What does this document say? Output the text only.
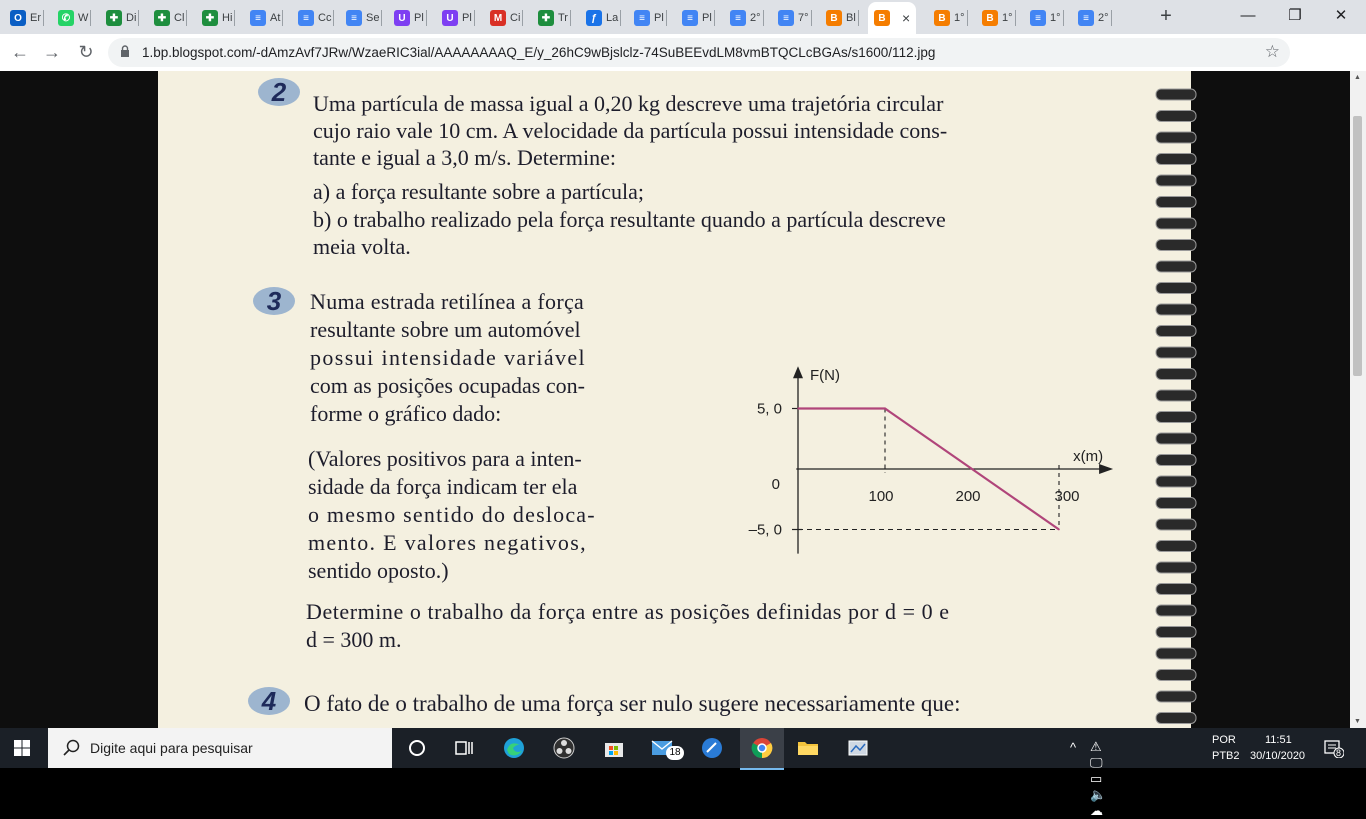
O Er	✆ W	✚ Di	✚ Cl	✚ Hi	≡ At	≡ Cc	≡ Se	U Pl	U Pl	M Ci	✚ Tr	ƒ La	≡ Pl	≡ Pl	≡ 2°	≡ 7°	B Bl	B	×	B 1°	B 1°	≡ 1°	≡ 2°	+	— ❐ ✕
← → ↻	1.bp.blogspot.com/-dAmzAvf7JRw/WzaeRIC3ial/AAAAAAAAQ_E/y_26hC9wBjslclz-74SuBEEvdLM8vmBTQCLcBGAs/s1600/112.jpg	☆
2	Uma partícula de massa igual a 0,20 kg descreve uma trajetória circular
cujo raio vale 10 cm. A velocidade da partícula possui intensidade cons-
tante e igual a 3,0 m/s. Determine:
a) a força resultante sobre a partícula;
b) o trabalho realizado pela força resultante quando a partícula descreve
meia volta.
3	Numa estrada retilínea a força
resultante sobre um automóvel
possui intensidade variável
com as posições ocupadas con-
forme o gráfico dado:
(Valores positivos para a inten-
sidade da força indicam ter ela
o mesmo sentido do desloca-
mento. E valores negativos,
sentido oposto.)
Determine o trabalho da força entre as posições definidas por d = 0 e
d = 300 m.
F(N)
x(m)
5, 0
0
–5, 0
100	200	300
4	O fato de o trabalho de uma força ser nulo sugere necessariamente que:
▲
▼
Digite aqui para pesquisar	18	^ ⚠ 🖵 ▭ 🔈 ☁
POR
PTB2
11:51
30/10/2020	8
